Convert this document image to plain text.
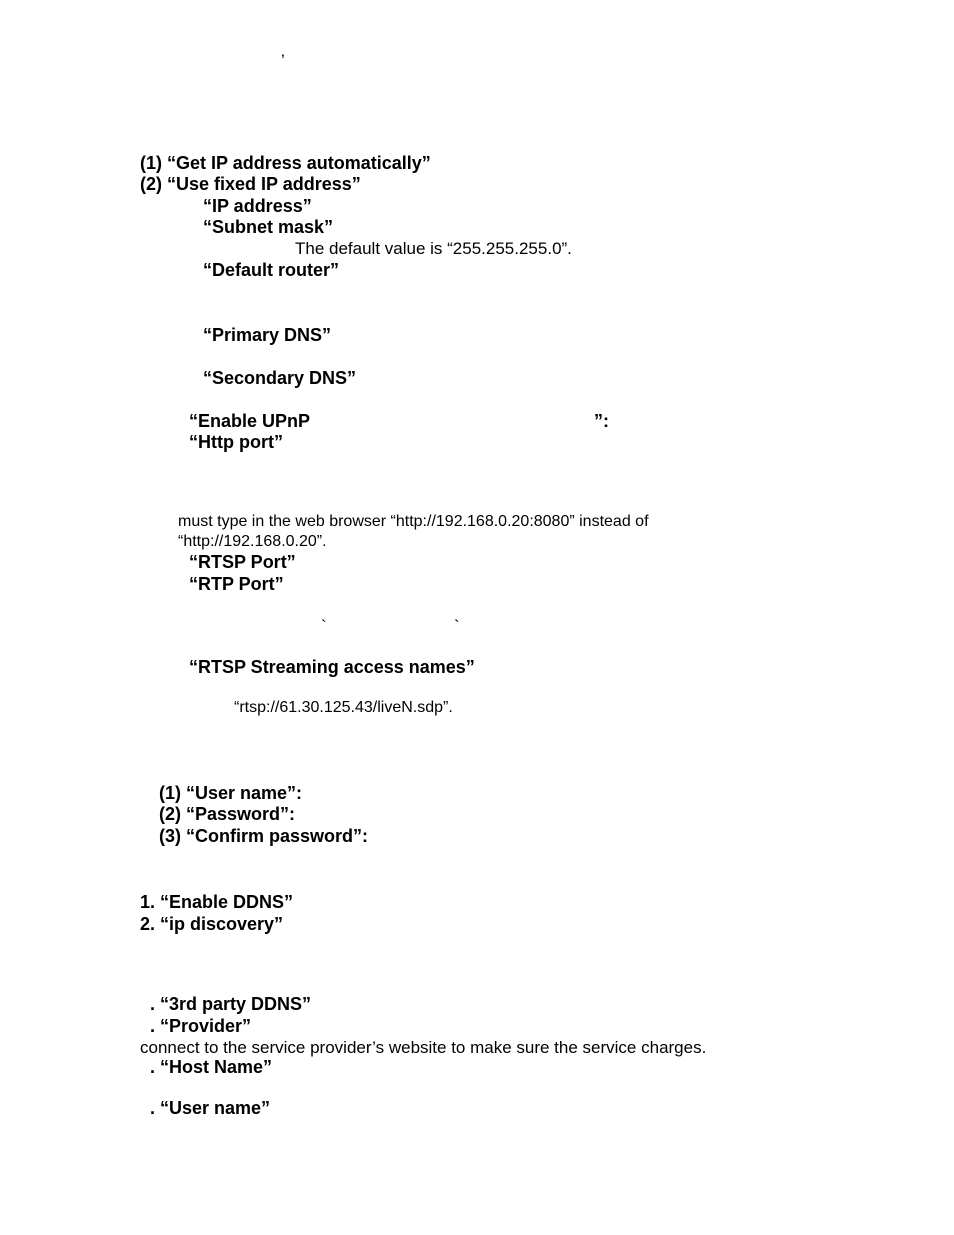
’
(1) “Get IP address automatically”
(2) “Use fixed IP address”
“IP address”
“Subnet mask”
The default value is “255.255.255.0”.
“Default router”
“Primary DNS”
“Secondary DNS”
“Enable UPnP	”:
“Http port”
must type in the web browser “http://192.168.0.20:8080” instead of
“http://192.168.0.20”.
“RTSP Port”
“RTP Port”
`	`
“RTSP Streaming access names”
“rtsp://61.30.125.43/liveN.sdp”.
(1) “User name”:
(2) “Password”:
(3) “Confirm password”:
1. “Enable DDNS”
2. “ip discovery”
. “3rd party DDNS”
. “Provider”
connect to the service provider’s website to make sure the service charges.
. “Host Name”
. “User name”
